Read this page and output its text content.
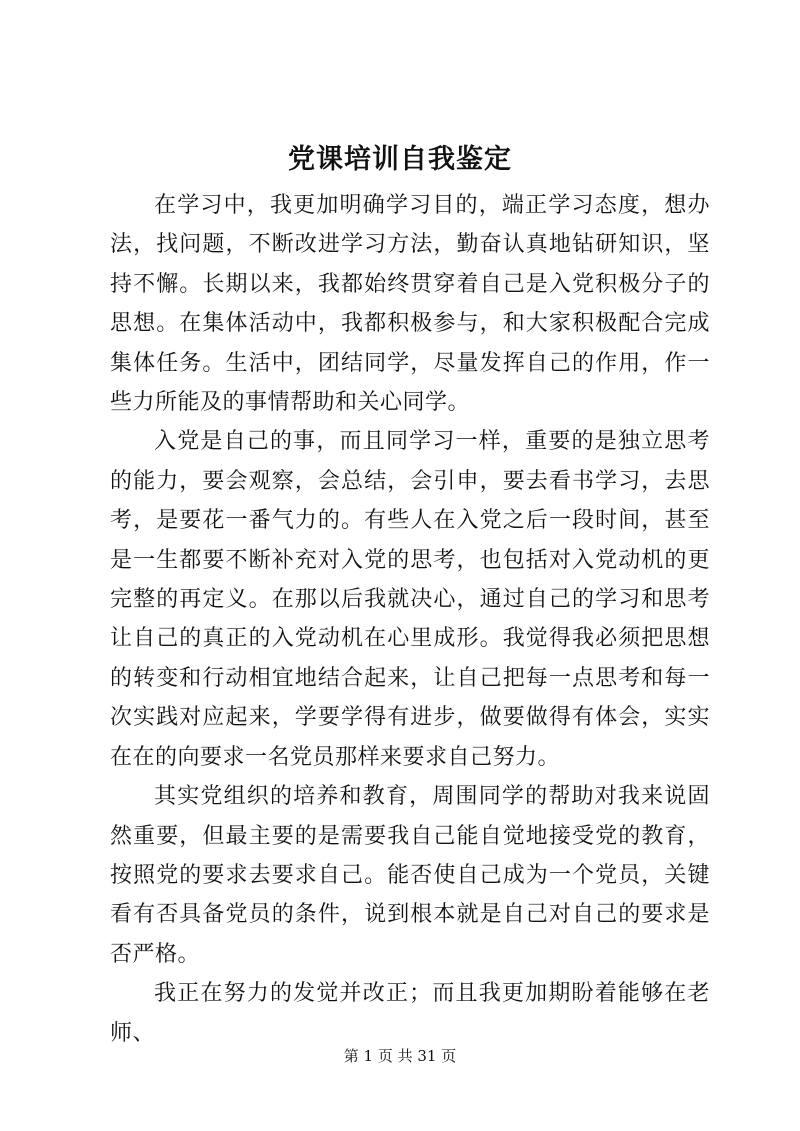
党课培训自我鉴定

在学习中，我更加明确学习目的，端正学习态度，想办法，找问题，不断改进学习方法，勤奋认真地钻研知识，坚持不懈。长期以来，我都始终贯穿着自己是入党积极分子的思想。在集体活动中，我都积极参与，和大家积极配合完成集体任务。生活中，团结同学，尽量发挥自己的作用，作一些力所能及的事情帮助和关心同学。

入党是自己的事，而且同学习一样，重要的是独立思考的能力，要会观察，会总结，会引申，要去看书学习，去思考，是要花一番气力的。有些人在入党之后一段时间，甚至是一生都要不断补充对入党的思考，也包括对入党动机的更完整的再定义。在那以后我就决心，通过自己的学习和思考让自己的真正的入党动机在心里成形。我觉得我必须把思想的转变和行动相宜地结合起来，让自己把每一点思考和每一次实践对应起来，学要学得有进步，做要做得有体会，实实在在的向要求一名党员那样来要求自己努力。

其实党组织的培养和教育，周围同学的帮助对我来说固然重要，但最主要的是需要我自己能自觉地接受党的教育，按照党的要求去要求自己。能否使自己成为一个党员，关键看有否具备党员的条件，说到根本就是自己对自己的要求是否严格。

我正在努力的发觉并改正；而且我更加期盼着能够在老师、

第 1 页 共 31 页
